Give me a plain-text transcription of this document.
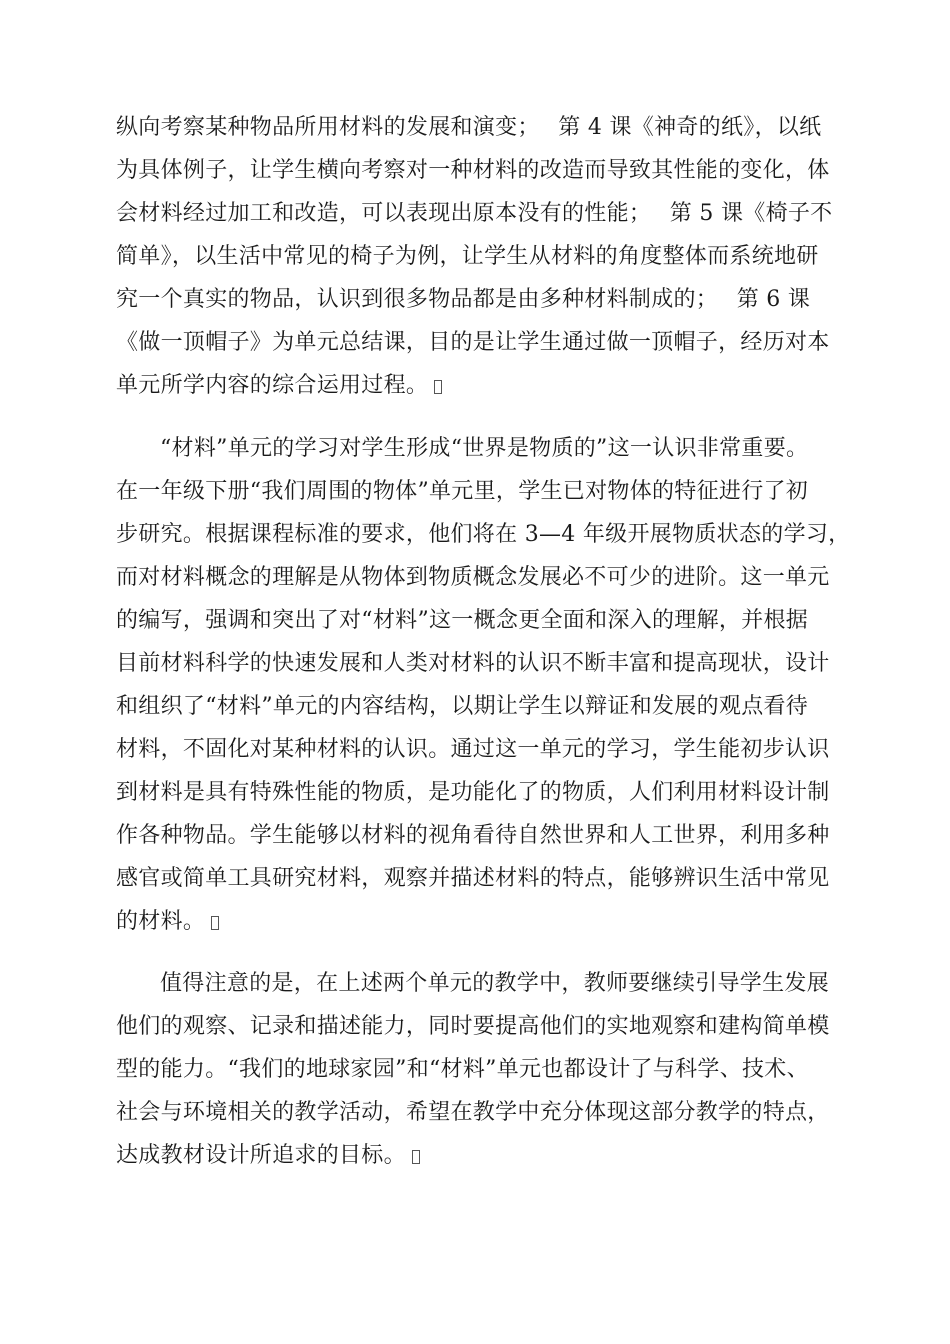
纵向考察某种物品所用材料的发展和演变；　 第 4 课《神奇的纸》，以纸
为具体例子，让学生横向考察对一种材料的改造而导致其性能的变化，体
会材料经过加工和改造，可以表现出原本没有的性能；　 第 5 课《椅子不
简单》，以生活中常见的椅子为例，让学生从材料的角度整体而系统地研
究一个真实的物品，认识到很多物品都是由多种材料制成的；　 第 6 课
《做一顶帽子》为单元总结课，目的是让学生通过做一顶帽子，经历对本
单元所学内容的综合运用过程。
“材料”单元的学习对学生形成“世界是物质的”这一认识非常重要。
在一年级下册“我们周围的物体”单元里，学生已对物体的特征进行了初
步研究。根据课程标准的要求，他们将在 3—4 年级开展物质状态的学习，
而对材料概念的理解是从物体到物质概念发展必不可少的进阶。这一单元
的编写，强调和突出了对“材料”这一概念更全面和深入的理解，并根据
目前材料科学的快速发展和人类对材料的认识不断丰富和提高现状，设计
和组织了“材料”单元的内容结构，以期让学生以辩证和发展的观点看待
材料，不固化对某种材料的认识。通过这一单元的学习，学生能初步认识
到材料是具有特殊性能的物质，是功能化了的物质，人们利用材料设计制
作各种物品。学生能够以材料的视角看待自然世界和人工世界，利用多种
感官或简单工具研究材料，观察并描述材料的特点，能够辨识生活中常见
的材料。
值得注意的是，在上述两个单元的教学中，教师要继续引导学生发展
他们的观察、记录和描述能力，同时要提高他们的实地观察和建构简单模
型的能力。“我们的地球家园”和“材料”单元也都设计了与科学、技术、
社会与环境相关的教学活动，希望在教学中充分体现这部分教学的特点，
达成教材设计所追求的目标。
